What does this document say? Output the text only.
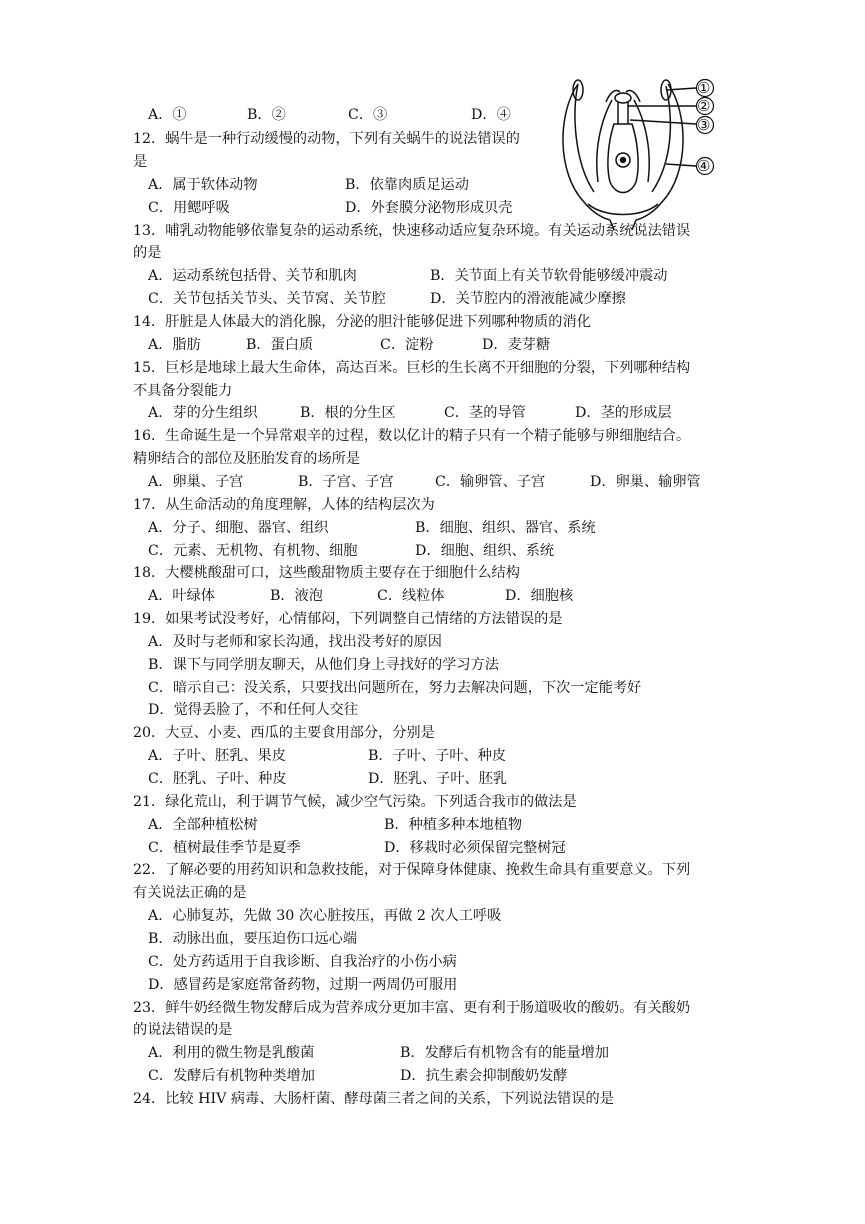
A．①	B．②	C．③	D．④
①
②
③
④
12．蜗牛是一种行动缓慢的动物，下列有关蜗牛的说法错误的
是
A．属于软体动物	B．依靠肉质足运动
C．用鳃呼吸	D．外套膜分泌物形成贝壳
13．哺乳动物能够依靠复杂的运动系统，快速移动适应复杂环境。有关运动系统说法错误
的是
A．运动系统包括骨、关节和肌肉	B．关节面上有关节软骨能够缓冲震动
C．关节包括关节头、关节窝、关节腔	D．关节腔内的滑液能减少摩擦
14．肝脏是人体最大的消化腺，分泌的胆汁能够促进下列哪种物质的消化
A．脂肪	B．蛋白质	C．淀粉	D．麦芽糖
15．巨杉是地球上最大生命体，高达百米。巨杉的生长离不开细胞的分裂，下列哪种结构
不具备分裂能力
A．芽的分生组织	B．根的分生区	C．茎的导管	D．茎的形成层
16．生命诞生是一个异常艰辛的过程，数以亿计的精子只有一个精子能够与卵细胞结合。
精卵结合的部位及胚胎发育的场所是
A．卵巢、子宫	B．子宫、子宫	C．输卵管、子宫	D．卵巢、输卵管
17．从生命活动的角度理解，人体的结构层次为
A．分子、细胞、器官、组织	B．细胞、组织、器官、系统
C．元素、无机物、有机物、细胞	D．细胞、组织、系统
18．大樱桃酸甜可口，这些酸甜物质主要存在于细胞什么结构
A．叶绿体	B．液泡	C．线粒体	D．细胞核
19．如果考试没考好，心情郁闷，下列调整自己情绪的方法错误的是
A．及时与老师和家长沟通，找出没考好的原因
B．课下与同学朋友聊天，从他们身上寻找好的学习方法
C．暗示自己：没关系，只要找出问题所在，努力去解决问题，下次一定能考好
D．觉得丢脸了，不和任何人交往
20．大豆、小麦、西瓜的主要食用部分，分别是
A．子叶、胚乳、果皮	B．子叶、子叶、种皮
C．胚乳、子叶、种皮	D．胚乳、子叶、胚乳
21．绿化荒山，利于调节气候，减少空气污染。下列适合我市的做法是
A．全部种植松树	B．种植多种本地植物
C．植树最佳季节是夏季	D．移栽时必须保留完整树冠
22．了解必要的用药知识和急救技能，对于保障身体健康、挽救生命具有重要意义。下列
有关说法正确的是
A．心肺复苏，先做 30 次心脏按压，再做 2 次人工呼吸
B．动脉出血，要压迫伤口远心端
C．处方药适用于自我诊断、自我治疗的小伤小病
D．感冒药是家庭常备药物，过期一两周仍可服用
23．鲜牛奶经微生物发酵后成为营养成分更加丰富、更有利于肠道吸收的酸奶。有关酸奶
的说法错误的是
A．利用的微生物是乳酸菌	B．发酵后有机物含有的能量增加
C．发酵后有机物种类增加	D．抗生素会抑制酸奶发酵
24．比较 HIV 病毒、大肠杆菌、酵母菌三者之间的关系，下列说法错误的是
